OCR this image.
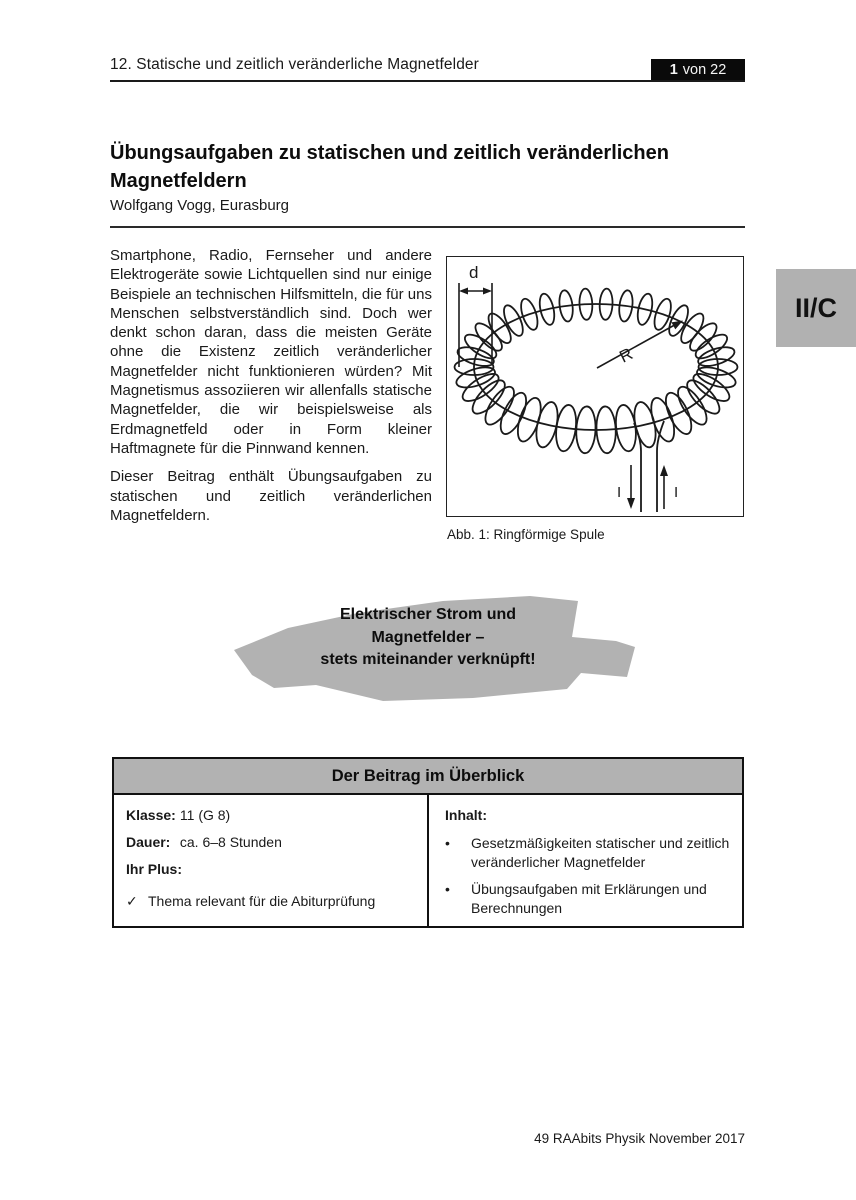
12. Statische und zeitlich veränderliche Magnetfelder	1 von 22
Übungsaufgaben zu statischen und zeitlich veränderlichen Magnetfeldern
Wolfgang Vogg, Eurasburg

Smartphone, Radio, Fernseher und andere Elektrogeräte sowie Lichtquellen sind nur einige Beispiele an technischen Hilfsmitteln, die für uns Menschen selbstverständlich sind. Doch wer denkt schon daran, dass die meisten Geräte ohne die Existenz zeitlich veränderlicher Magnetfelder nicht funktionieren würden? Mit Magnetismus assoziieren wir allenfalls statische Magnetfelder, die wir beispielsweise als Erdmagnetfeld oder in Form kleiner Haftmagnete für die Pinnwand kennen.

Dieser Beitrag enthält Übungsaufgaben zu statischen und zeitlich veränderlichen Magnetfeldern.

d
R
I	I
Abb. 1: Ringförmige Spule
II/C
Elektrischer Strom und
Magnetfelder –
stets miteinander verknüpft!
Der Beitrag im Überblick
Klasse: 11 (G 8)
Dauer: ca. 6–8 Stunden
Ihr Plus:
✓ Thema relevant für die Abiturprüfung
Inhalt:
•	Gesetzmäßigkeiten statischer und zeitlich veränderlicher Magnetfelder
•	Übungsaufgaben mit Erklärungen und Berechnungen
49 RAAbits Physik November 2017
